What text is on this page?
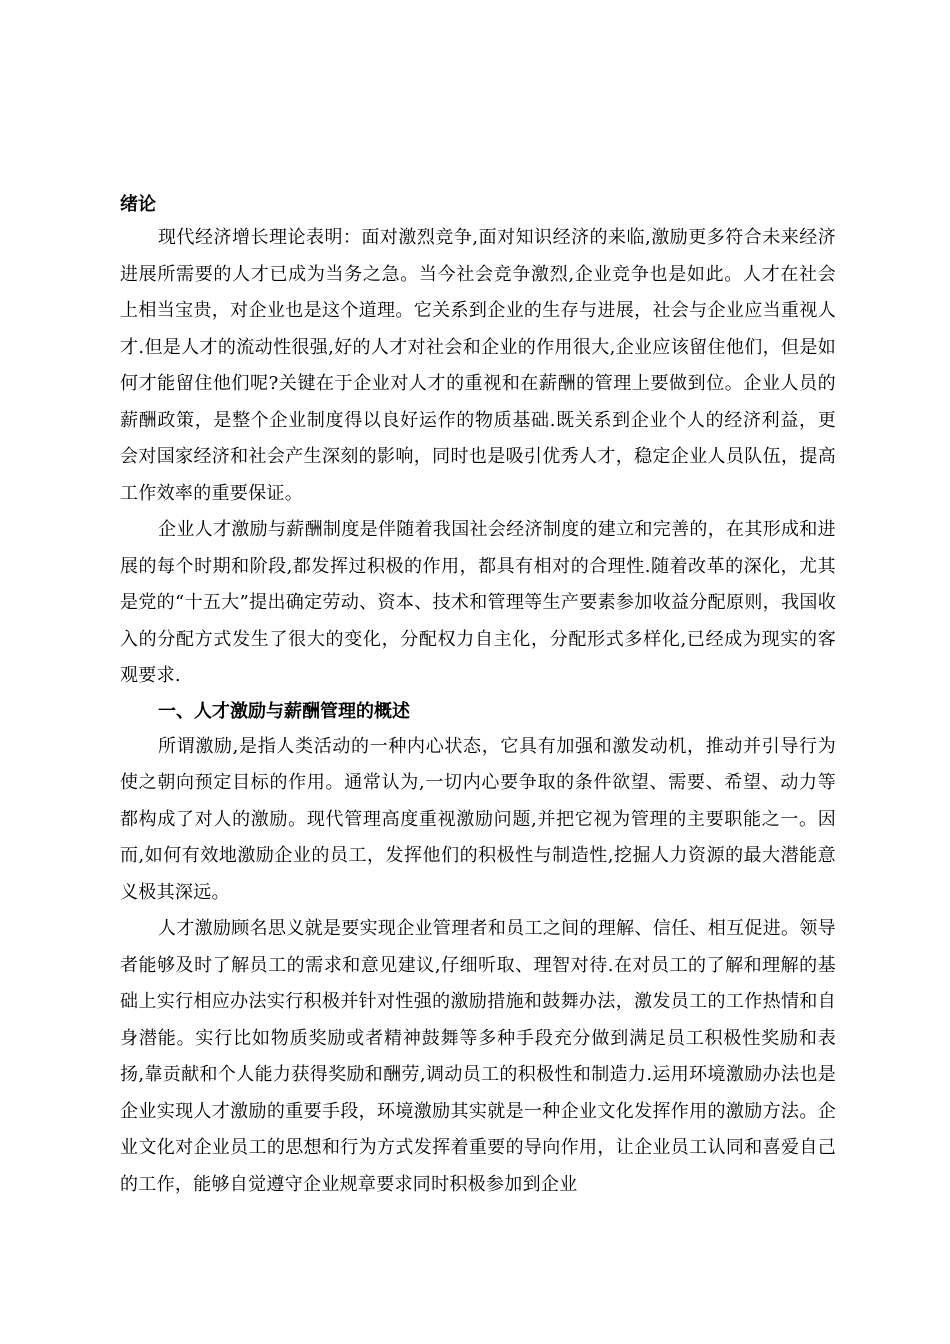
绪论

现代经济增长理论表明：面对激烈竞争,面对知识经济的来临,激励更多符合未来经济进展所需要的人才已成为当务之急。当今社会竞争激烈,企业竞争也是如此。人才在社会上相当宝贵，对企业也是这个道理。它关系到企业的生存与进展，社会与企业应当重视人才.但是人才的流动性很强,好的人才对社会和企业的作用很大,企业应该留住他们，但是如何才能留住他们呢?关键在于企业对人才的重视和在薪酬的管理上要做到位。企业人员的薪酬政策，是整个企业制度得以良好运作的物质基础.既关系到企业个人的经济利益，更会对国家经济和社会产生深刻的影响，同时也是吸引优秀人才，稳定企业人员队伍，提高工作效率的重要保证。

企业人才激励与薪酬制度是伴随着我国社会经济制度的建立和完善的，在其形成和进展的每个时期和阶段,都发挥过积极的作用，都具有相对的合理性.随着改革的深化，尤其是党的“十五大”提出确定劳动、资本、技术和管理等生产要素参加收益分配原则，我国收入的分配方式发生了很大的变化，分配权力自主化，分配形式多样化,已经成为现实的客观要求.

一、人才激励与薪酬管理的概述

所谓激励,是指人类活动的一种内心状态，它具有加强和激发动机，推动并引导行为使之朝向预定目标的作用。通常认为,一切内心要争取的条件欲望、需要、希望、动力等都构成了对人的激励。现代管理高度重视激励问题,并把它视为管理的主要职能之一。因而,如何有效地激励企业的员工，发挥他们的积极性与制造性,挖掘人力资源的最大潜能意义极其深远。

人才激励顾名思义就是要实现企业管理者和员工之间的理解、信任、相互促进。领导者能够及时了解员工的需求和意见建议,仔细听取、理智对待.在对员工的了解和理解的基础上实行相应办法实行积极并针对性强的激励措施和鼓舞办法，激发员工的工作热情和自身潜能。实行比如物质奖励或者精神鼓舞等多种手段充分做到满足员工积极性奖励和表扬,靠贡献和个人能力获得奖励和酬劳,调动员工的积极性和制造力.运用环境激励办法也是企业实现人才激励的重要手段，环境激励其实就是一种企业文化发挥作用的激励方法。企业文化对企业员工的思想和行为方式发挥着重要的导向作用，让企业员工认同和喜爱自己的工作，能够自觉遵守企业规章要求同时积极参加到企业
